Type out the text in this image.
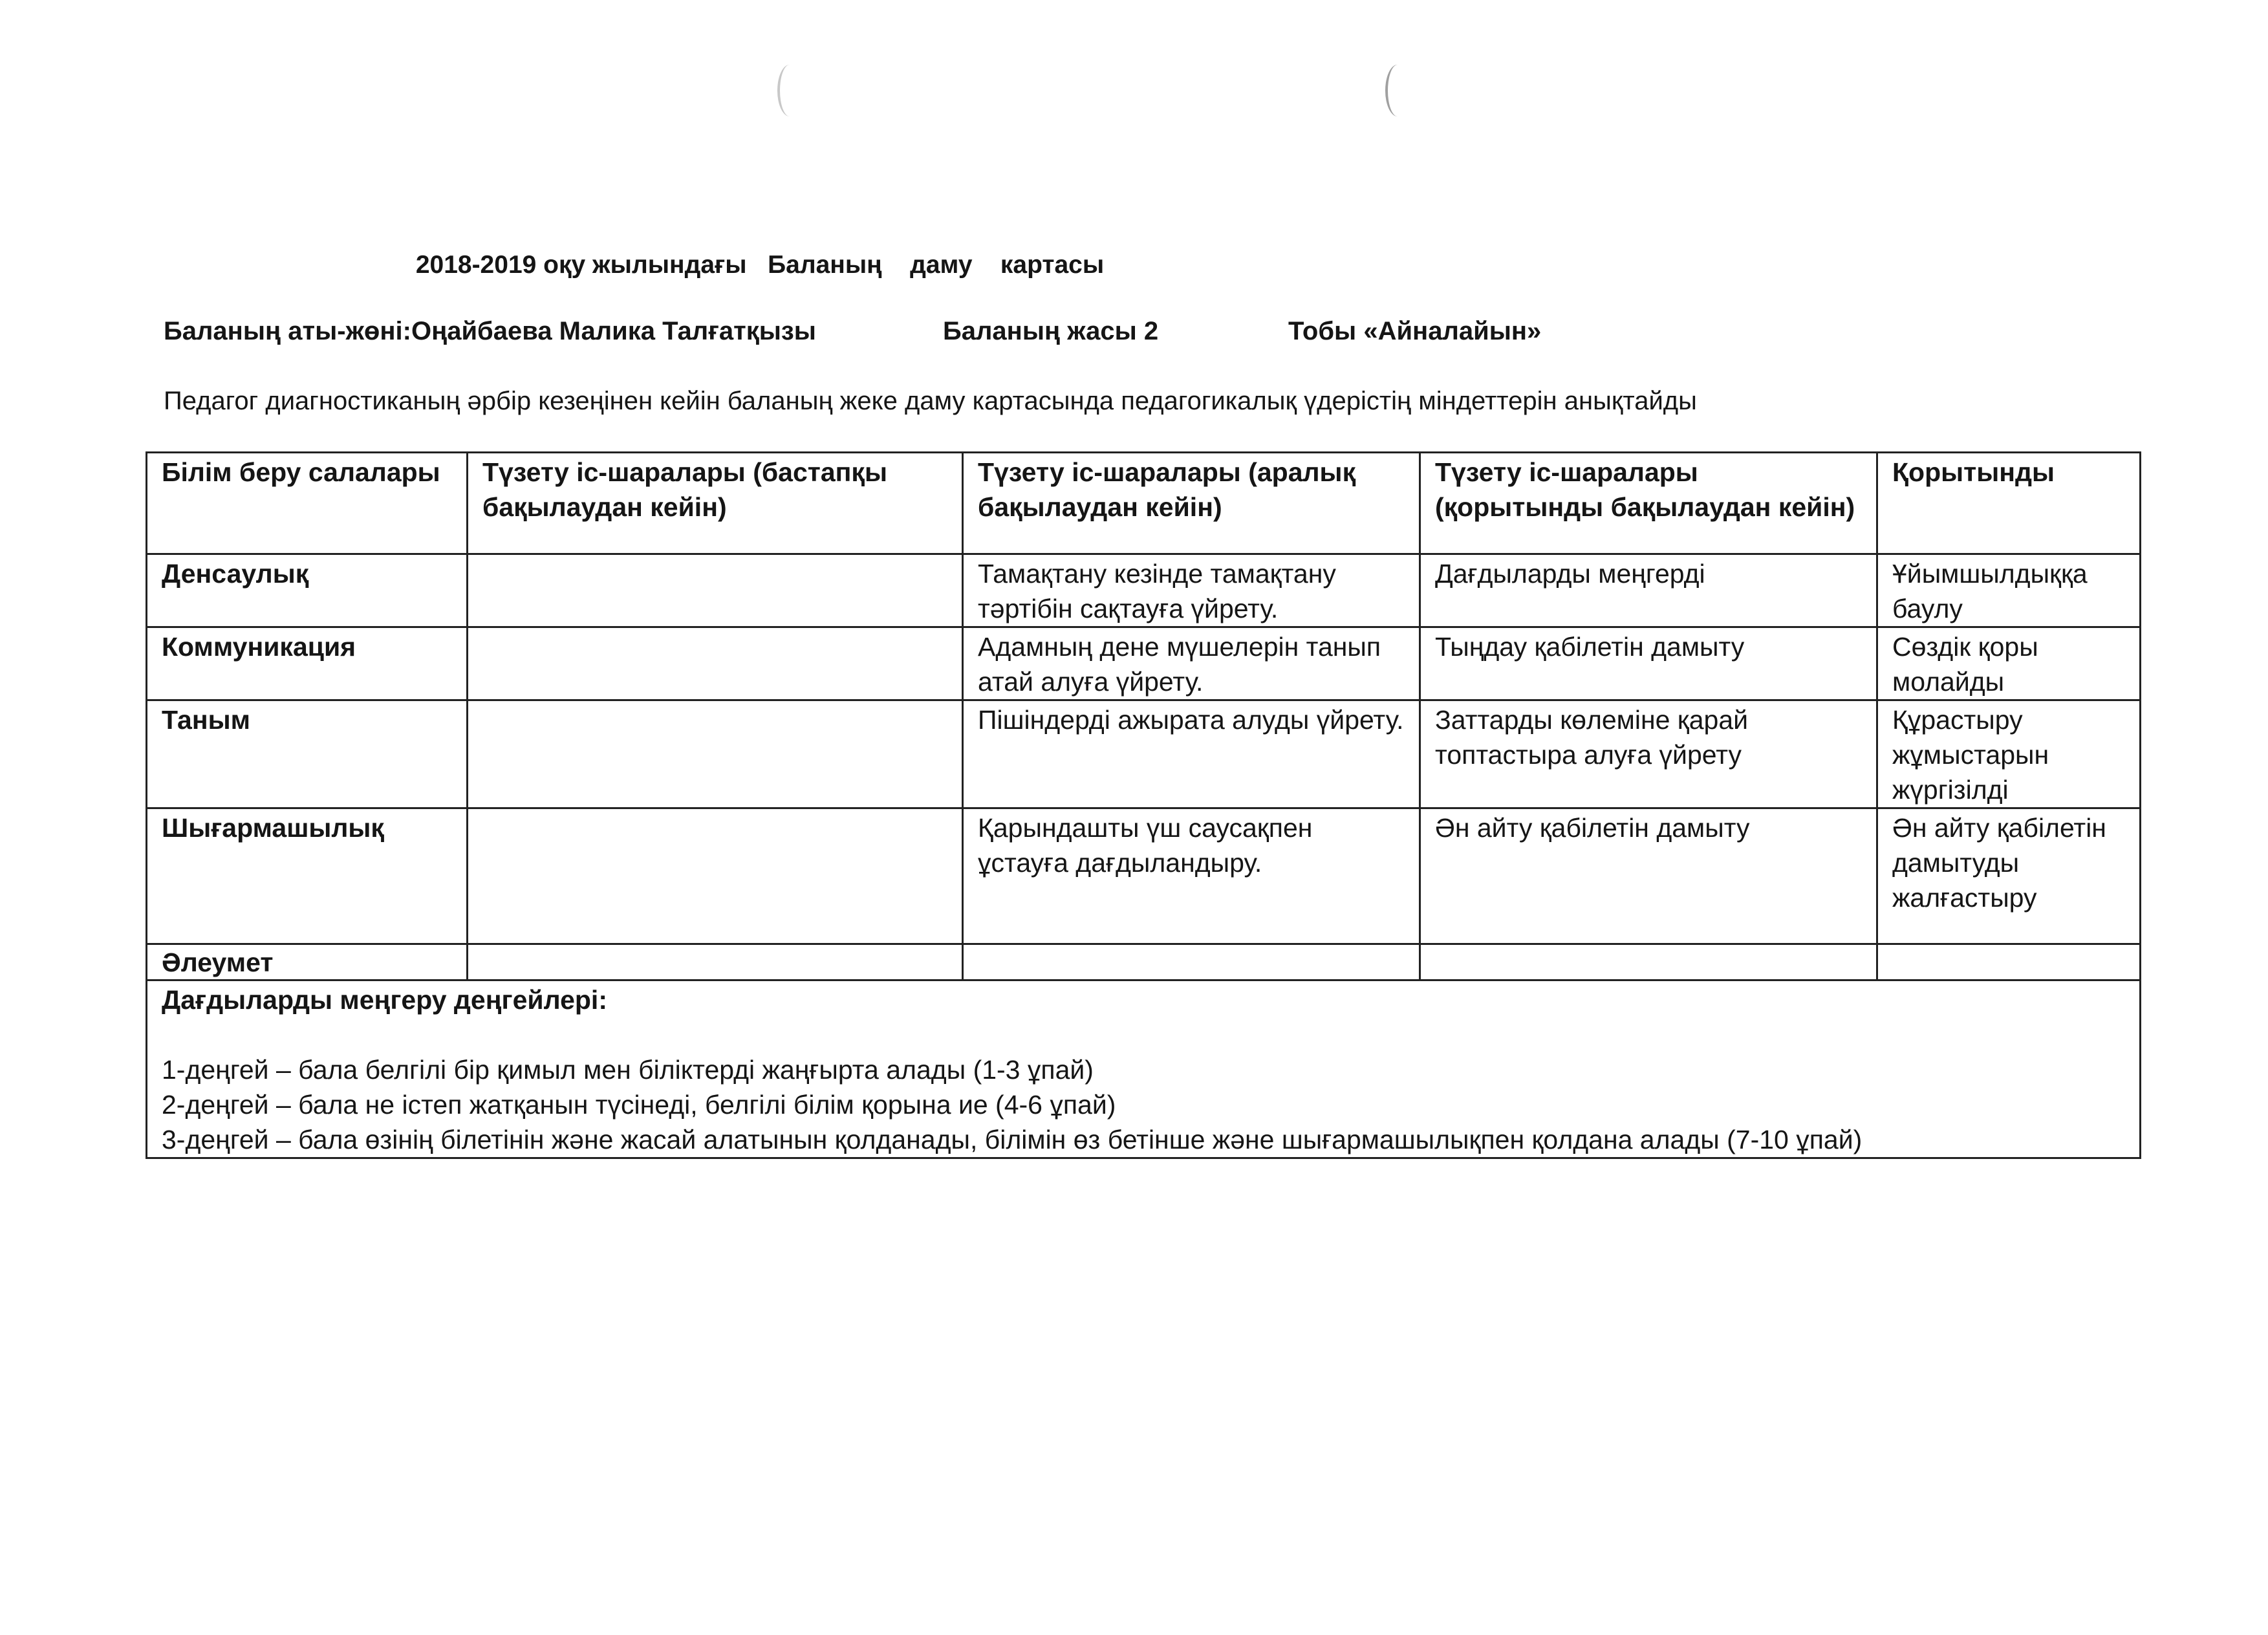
2018-2019 оқу жылындағы   Баланың    даму    картасы
Баланың аты-жөні:Оңайбаева Малика Талғатқызы	Баланың жасы 2	Тобы «Айналайын»
Педагог диагностиканың әрбір кезеңінен кейін баланың жеке даму картасында педагогикалық үдерістің міндеттерін анықтайды
Білім беру салалары	Түзету іс-шаралары (бастапқы бақылаудан кейін)	Түзету іс-шаралары (аралық бақылаудан кейін)	Түзету іс-шаралары (қорытынды бақылаудан кейін)	Қорытынды
Денсаулық		Тамақтану кезінде тамақтану тәртібін сақтауға үйрету.	Дағдыларды меңгерді	Ұйымшылдыққа баулу
Коммуникация		Адамның дене мүшелерін танып атай алуға үйрету.	Тыңдау қабілетін дамыту	Сөздік қоры молайды
Таным		Пішіндерді ажырата алуды үйрету.	Заттарды көлеміне қарай топтастыра алуға үйрету	Құрастыру жұмыстарын жүргізілді
Шығармашылық		Қарындашты үш саусақпен ұстауға дағдыландыру.	Ән айту қабілетін дамыту	Ән айту қабілетін дамытуды жалғастыру
Әлеумет				

Дағдыларды меңгеру деңгейлері:
1-деңгей – бала белгілі бір қимыл мен біліктерді жаңғырта алады (1-3 ұпай)
2-деңгей – бала не істеп жатқанын түсінеді, белгілі білім қорына ие (4-6 ұпай)
3-деңгей – бала өзінің білетінін және жасай алатынын қолданады, білімін өз бетінше және шығармашылықпен қолдана алады (7-10 ұпай)				
